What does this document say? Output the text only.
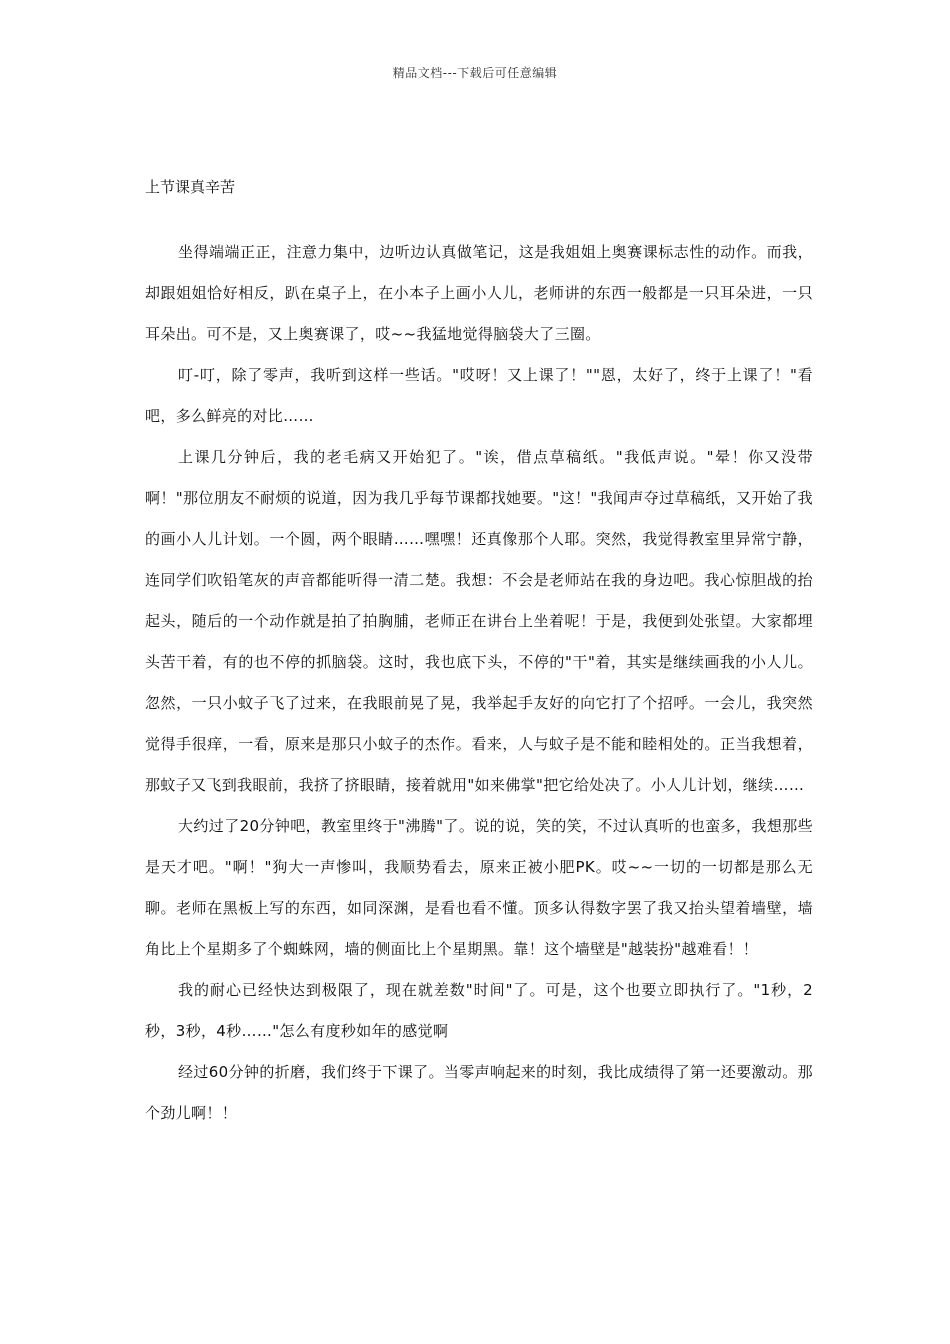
精品文档---下载后可任意编辑
上节课真辛苦

坐得端端正正，注意力集中，边听边认真做笔记，这是我姐姐上奥赛课标志性的动作。而我，却跟姐姐恰好相反，趴在桌子上，在小本子上画小人儿，老师讲的东西一般都是一只耳朵进，一只耳朵出。可不是，又上奥赛课了，哎~~我猛地觉得脑袋大了三圈。

叮-叮，除了零声，我听到这样一些话。"哎呀！又上课了！""恩，太好了，终于上课了！"看吧，多么鲜亮的对比……

上课几分钟后，我的老毛病又开始犯了。"诶，借点草稿纸。"我低声说。"晕！你又没带啊！"那位朋友不耐烦的说道，因为我几乎每节课都找她要。"这！"我闻声夺过草稿纸，又开始了我的画小人儿计划。一个圆，两个眼睛……嘿嘿！还真像那个人耶。突然，我觉得教室里异常宁静，连同学们吹铅笔灰的声音都能听得一清二楚。我想：不会是老师站在我的身边吧。我心惊胆战的抬起头，随后的一个动作就是拍了拍胸脯，老师正在讲台上坐着呢！于是，我便到处张望。大家都埋头苦干着，有的也不停的抓脑袋。这时，我也底下头，不停的"干"着，其实是继续画我的小人儿。忽然，一只小蚊子飞了过来，在我眼前晃了晃，我举起手友好的向它打了个招呼。一会儿，我突然觉得手很痒，一看，原来是那只小蚊子的杰作。看来，人与蚊子是不能和睦相处的。正当我想着，那蚊子又飞到我眼前，我挤了挤眼睛，接着就用"如来佛掌"把它给处决了。小人儿计划，继续……

大约过了20分钟吧，教室里终于"沸腾"了。说的说，笑的笑，不过认真听的也蛮多，我想那些是天才吧。"啊！"狗大一声惨叫，我顺势看去，原来正被小肥PK。哎~~一切的一切都是那么无聊。老师在黑板上写的东西，如同深渊，是看也看不懂。顶多认得数字罢了我又抬头望着墙壁，墙角比上个星期多了个蜘蛛网，墙的侧面比上个星期黑。靠！这个墙壁是"越装扮"越难看！！

我的耐心已经快达到极限了，现在就差数"时间"了。可是，这个也要立即执行了。"1秒，2秒，3秒，4秒……"怎么有度秒如年的感觉啊

经过60分钟的折磨，我们终于下课了。当零声响起来的时刻，我比成绩得了第一还要激动。那个劲儿啊！！
